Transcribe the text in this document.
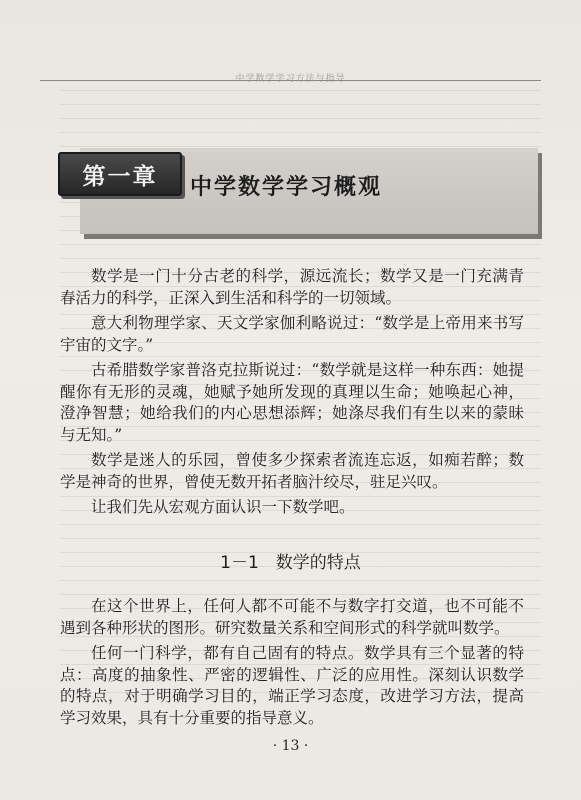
中学数学学习方法与指导
第一章	中学数学学习概观

数学是一门十分古老的科学，源远流长；数学又是一门充满青春活力的科学，正深入到生活和科学的一切领域。

意大利物理学家、天文学家伽利略说过：“数学是上帝用来书写宇宙的文字。”

古希腊数学家普洛克拉斯说过：“数学就是这样一种东西：她提醒你有无形的灵魂，她赋予她所发现的真理以生命；她唤起心神，澄净智慧；她给我们的内心思想添辉；她涤尽我们有生以来的蒙昧与无知。”

数学是迷人的乐园，曾使多少探索者流连忘返，如痴若醉；数学是神奇的世界，曾使无数开拓者脑汁绞尽，驻足兴叹。

让我们先从宏观方面认识一下数学吧。

1－1　数学的特点

在这个世界上，任何人都不可能不与数字打交道，也不可能不遇到各种形状的图形。研究数量关系和空间形式的科学就叫数学。

任何一门科学，都有自己固有的特点。数学具有三个显著的特点：高度的抽象性、严密的逻辑性、广泛的应用性。深刻认识数学的特点，对于明确学习目的，端正学习态度，改进学习方法，提高学习效果，具有十分重要的指导意义。

· 13 ·
